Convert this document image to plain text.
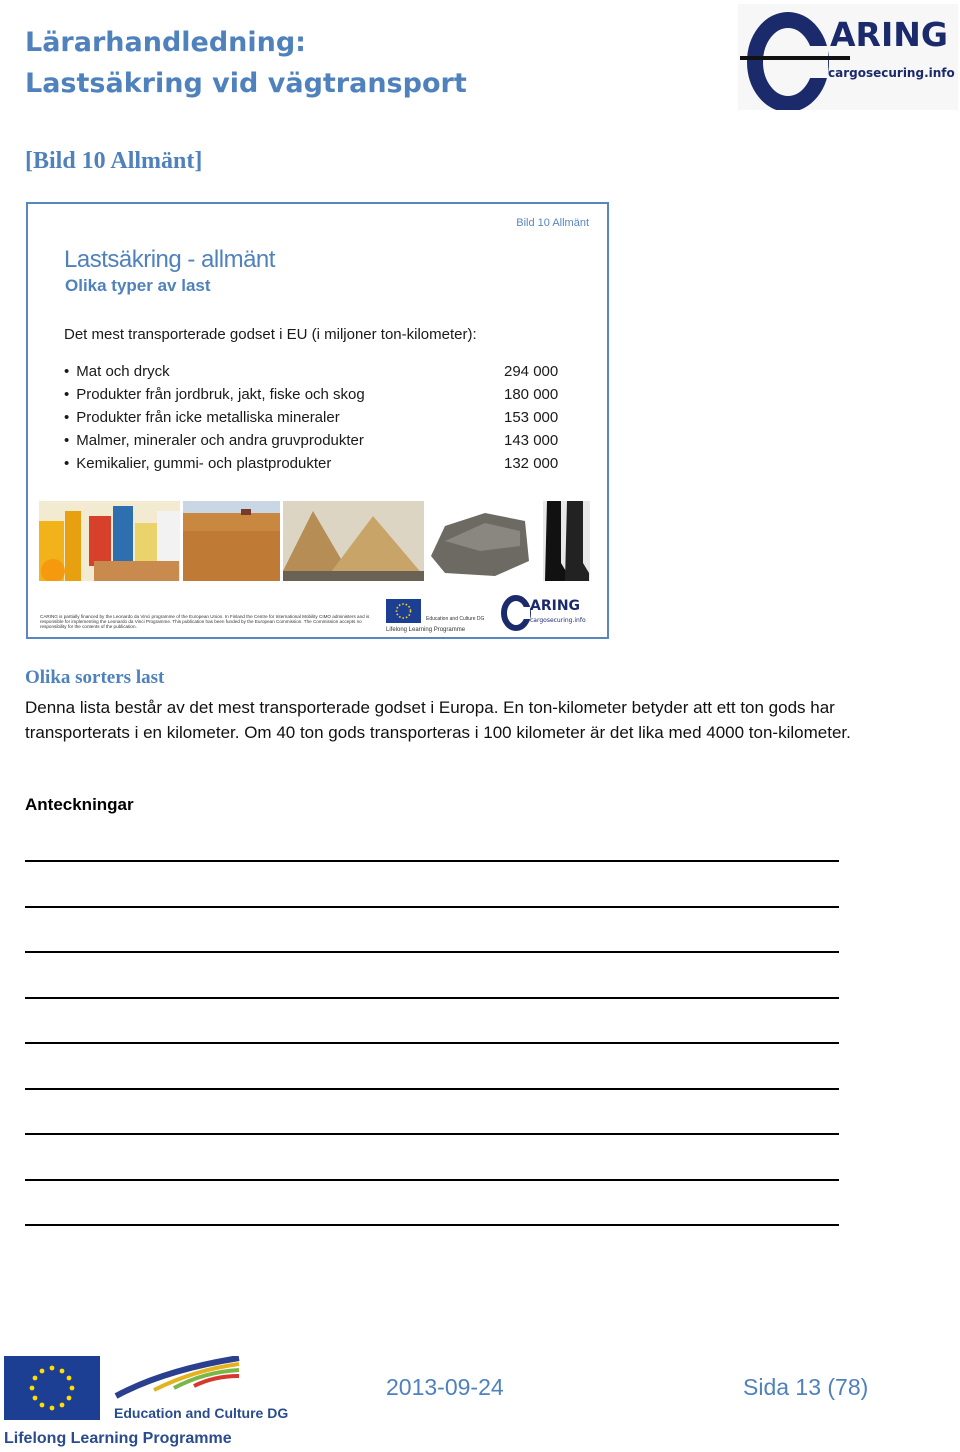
Lärarhandledning:
Lastsäkring vid vägtransport
ARING
cargosecuring.info
[Bild 10 Allmänt]
Bild 10 Allmänt
Lastsäkring - allmänt
Olika typer av last
Det mest transporterade godset i EU (i miljoner ton-kilometer):
• Mat och dryck	294 000
• Produkter från jordbruk, jakt, fiske och skog	180 000
• Produkter från icke metalliska mineraler	153 000
• Malmer, mineraler och andra gruvprodukter	143 000
• Kemikalier, gummi- och plastprodukter	132 000
CARING is partially financed by the Leonardo da Vinci programme of the European Union. In Finland the Centre for International Mobility CIMO administers and is responsible for implementing the Leonardo da Vinci Programme. This publication has been funded by the European Commission. The Commission accepts no responsibility for the contents of the publication.
Lifelong Learning Programme
Education and Culture DG
ARING
cargosecuring.info
Olika sorters last
Denna lista består av det mest transporterade godset i Europa. En ton-kilometer betyder att ett ton gods har transporterats i en kilometer. Om 40 ton gods transporteras i 100 kilometer är det lika med 4000 ton-kilometer.
Anteckningar
Education and Culture DG
Lifelong Learning Programme
2013-09-24	Sida 13 (78)
